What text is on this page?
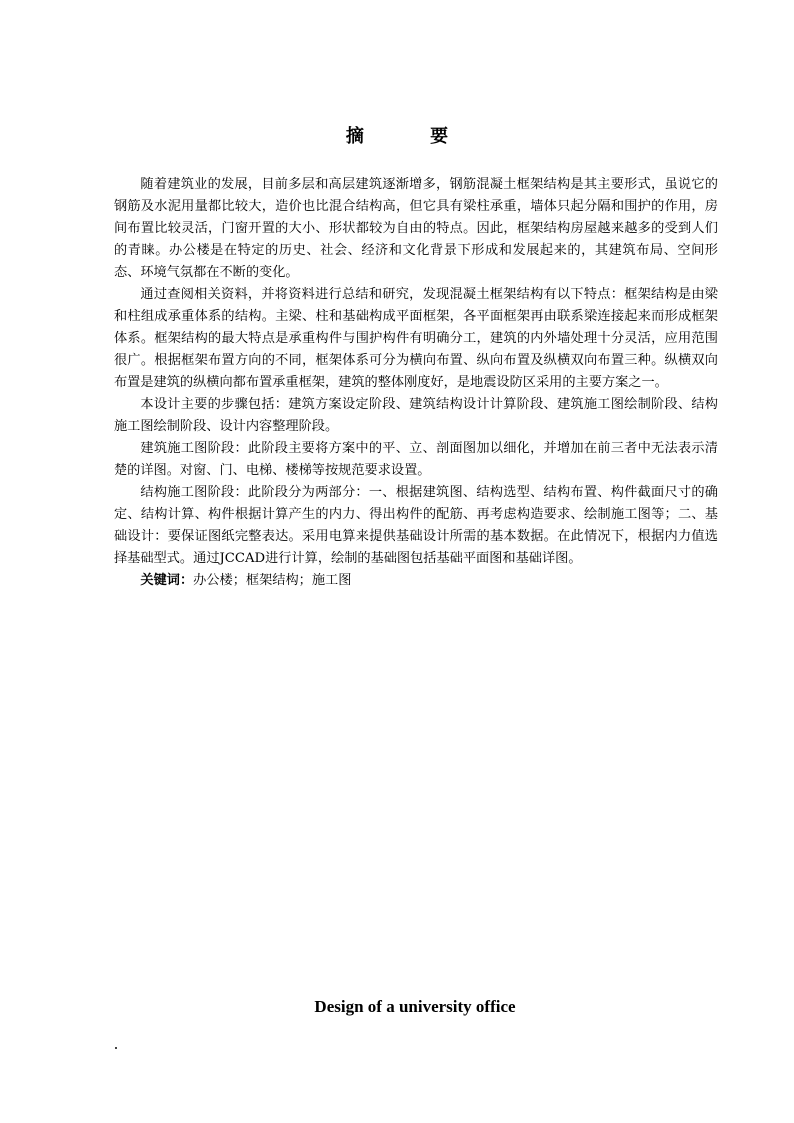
摘 要

随着建筑业的发展，目前多层和高层建筑逐渐增多，钢筋混凝土框架结构是其主要形式，虽说它的钢筋及水泥用量都比较大，造价也比混合结构高，但它具有梁柱承重，墙体只起分隔和围护的作用，房间布置比较灵活，门窗开置的大小、形状都较为自由的特点。因此，框架结构房屋越来越多的受到人们的青睐。办公楼是在特定的历史、社会、经济和文化背景下形成和发展起来的，其建筑布局、空间形态、环境气氛都在不断的变化。

通过查阅相关资料，并将资料进行总结和研究，发现混凝土框架结构有以下特点：框架结构是由梁和柱组成承重体系的结构。主梁、柱和基础构成平面框架，各平面框架再由联系梁连接起来而形成框架体系。框架结构的最大特点是承重构件与围护构件有明确分工，建筑的内外墙处理十分灵活，应用范围很广。根据框架布置方向的不同，框架体系可分为横向布置、纵向布置及纵横双向布置三种。纵横双向布置是建筑的纵横向都布置承重框架，建筑的整体刚度好，是地震设防区采用的主要方案之一。

本设计主要的步骤包括：建筑方案设定阶段、建筑结构设计计算阶段、建筑施工图绘制阶段、结构施工图绘制阶段、设计内容整理阶段。

建筑施工图阶段：此阶段主要将方案中的平、立、剖面图加以细化，并增加在前三者中无法表示清楚的详图。对窗、门、电梯、楼梯等按规范要求设置。

结构施工图阶段：此阶段分为两部分：一、根据建筑图、结构选型、结构布置、构件截面尺寸的确定、结构计算、构件根据计算产生的内力、得出构件的配筋、再考虑构造要求、绘制施工图等；二、基础设计：要保证图纸完整表达。采用电算来提供基础设计所需的基本数据。在此情况下，根据内力值选择基础型式。通过JCCAD进行计算，绘制的基础图包括基础平面图和基础详图。

关键词：办公楼；框架结构；施工图

Design of a university office
